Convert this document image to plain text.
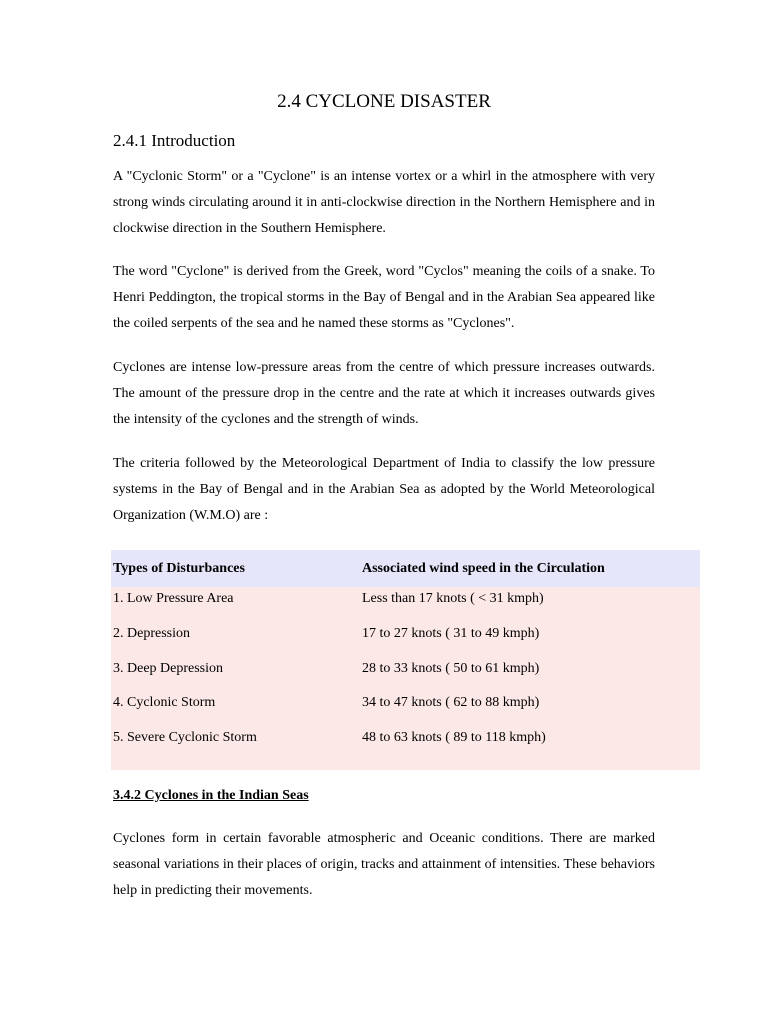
2.4 CYCLONE DISASTER
2.4.1 Introduction

A "Cyclonic Storm" or a "Cyclone" is an intense vortex or a whirl in the atmosphere with very strong winds circulating around it in anti-clockwise direction in the Northern Hemisphere and in clockwise direction in the Southern Hemisphere.

The word "Cyclone" is derived from the Greek, word "Cyclos" meaning the coils of a snake. To Henri Peddington, the tropical storms in the Bay of Bengal and in the Arabian Sea appeared like the coiled serpents of the sea and he named these storms as "Cyclones".

Cyclones are intense low-pressure areas from the centre of which pressure increases outwards. The amount of the pressure drop in the centre and the rate at which it increases outwards gives the intensity of the cyclones and the strength of winds.

The criteria followed by the Meteorological Department of India to classify the low pressure systems in the Bay of Bengal and in the Arabian Sea as adopted by the World Meteorological Organization (W.M.O) are :

Types of Disturbances	Associated wind speed in the Circulation
1. Low Pressure Area	Less than 17 knots ( < 31 kmph)
2. Depression	17 to 27 knots ( 31 to 49 kmph)
3. Deep Depression	28 to 33 knots ( 50 to 61 kmph)
4. Cyclonic Storm	34 to 47 knots ( 62 to 88 kmph)
5. Severe Cyclonic Storm	48 to 63 knots ( 89 to 118 kmph)
3.4.2 Cyclones in the Indian Seas

Cyclones form in certain favorable atmospheric and Oceanic conditions. There are marked seasonal variations in their places of origin, tracks and attainment of intensities. These behaviors help in predicting their movements.
